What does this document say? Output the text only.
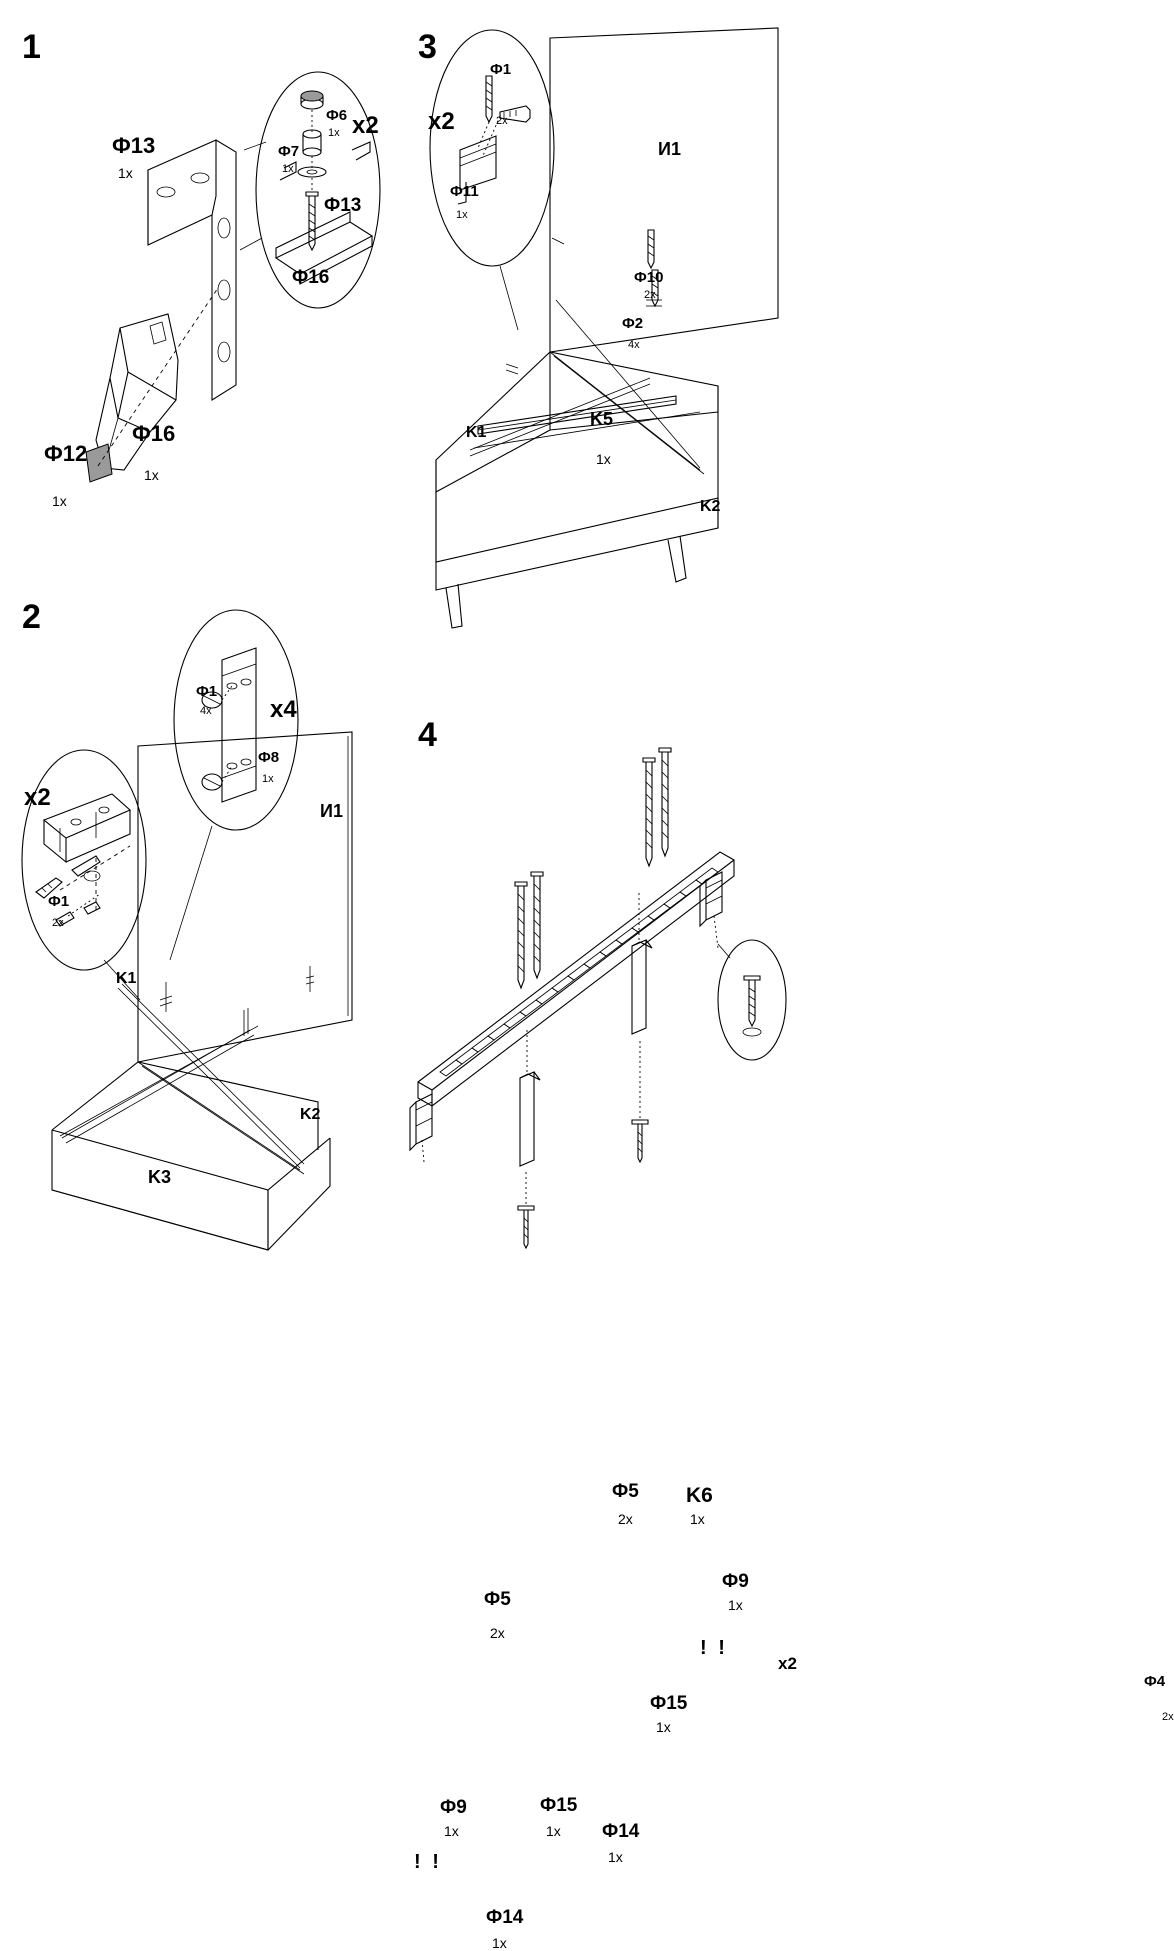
1
Ф13
1x
Ф16
1x
Ф12
1x
x2
Ф6
1x
Ф7
1x
Ф13
Ф16
3
x2
Ф1
2x
Ф11
1x
Ф10
2x
Ф2
4x
И1
K1
K2
K5
1x
2
x2
x4
Ф1
2x
Ф1
4x
Ф8
1x
И1
K1
K2
K3
4
K6
1x
Ф5
2x
Ф5
2x
Ф9
1x
Ф9
1x
Ф15
1x
Ф15
1x Ф14
1x
Ф14
1x
x2
Ф4
2x
! !
! !
